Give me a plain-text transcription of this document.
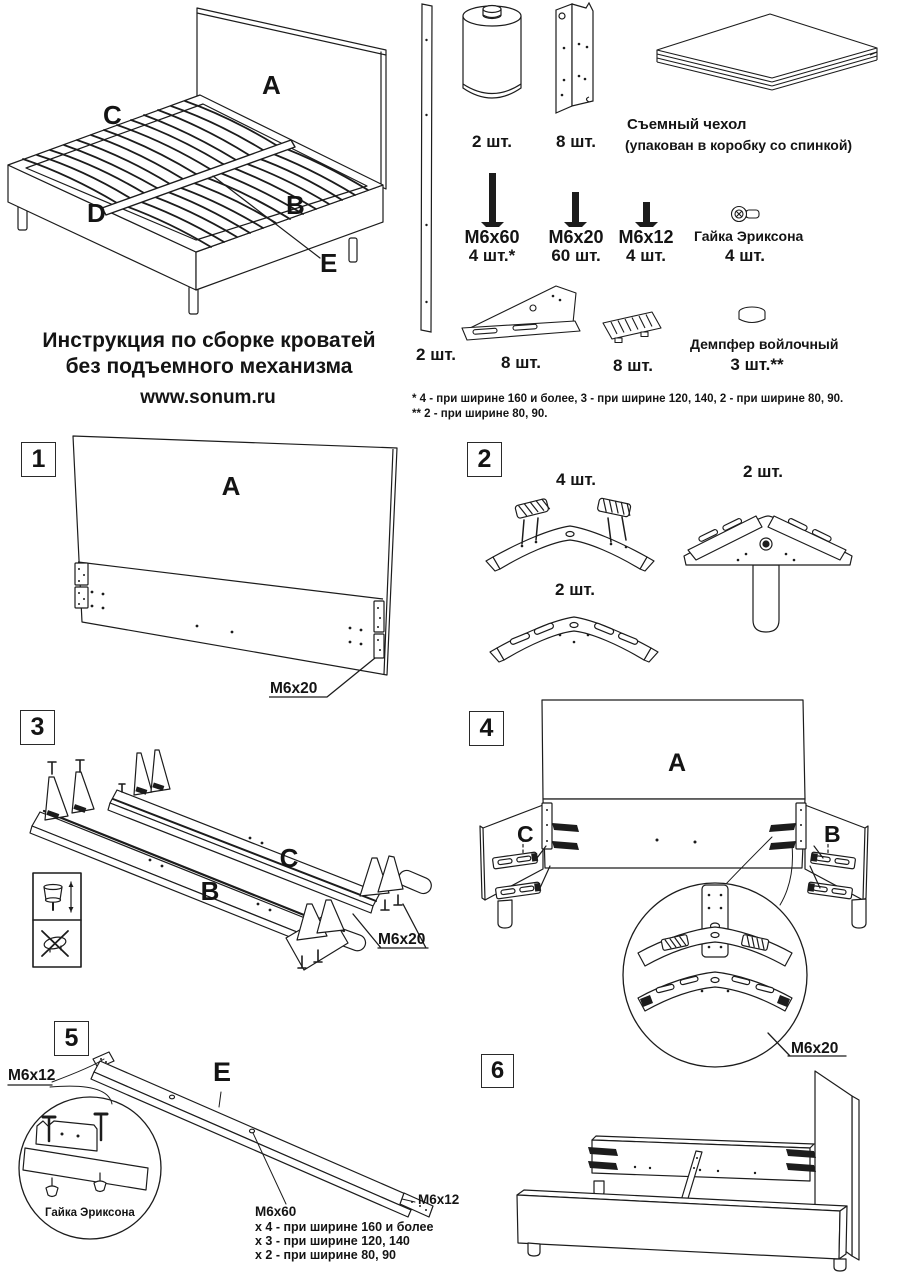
A
C
D	B
E
Инструкция по сборке кроватей
без подъемного механизма
www.sonum.ru
2 шт.
2 шт.	8 шт.
Съемный чехол
(упакован в коробку со спинкой)
M6x60
4 шт.*
M6x20
60 шт.
M6x12
4 шт.
Гайка Эриксона
4 шт.
8 шт.	8 шт.
Демпфер войлочный
3 шт.**
* 4 - при ширине 160 и более, 3 - при ширине 120, 140, 2 - при ширине 80, 90.
** 2 - при ширине 80, 90.
1
A
M6x20
2
4 шт.	2 шт.
2 шт.
3
B
C
M6x20
4
A
C	B
M6x20
5
E
M6x12
Гайка Эриксона	M6x60
x 4 - при ширине 160 и более
x 3 - при ширине 120, 140
x 2 - при ширине 80, 90
M6x12
6
